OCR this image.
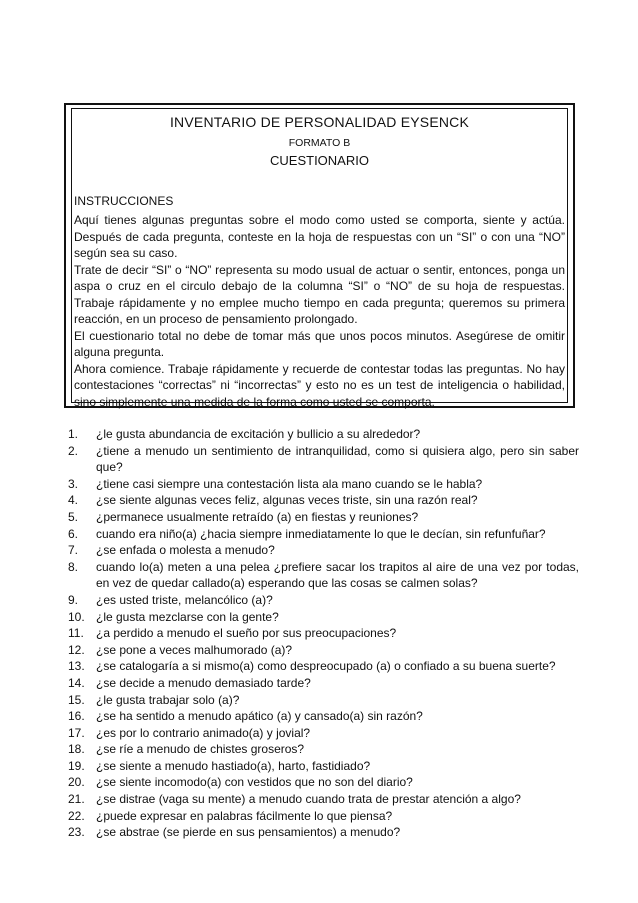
INVENTARIO DE PERSONALIDAD EYSENCK
FORMATO B
CUESTIONARIO
INSTRUCCIONES

Aquí tienes algunas preguntas sobre el modo como usted se comporta, siente y actúa. Después de cada pregunta, conteste en la hoja de respuestas con un “SI” o con una “NO” según sea su caso.

Trate de decir “SI” o “NO” representa su modo usual de actuar o sentir, entonces, ponga un aspa o cruz en el circulo debajo de la columna “SI” o “NO” de su hoja de respuestas. Trabaje rápidamente y no emplee mucho tiempo en cada pregunta; queremos su primera reacción, en un proceso de pensamiento prolongado.

El cuestionario total no debe de tomar más que unos pocos minutos. Asegúrese de omitir alguna pregunta.

Ahora comience. Trabaje rápidamente y recuerde de contestar todas las preguntas. No hay contestaciones “correctas” ni “incorrectas” y esto no es un test de inteligencia o habilidad, sino simplemente una medida de la forma como usted se comporta.

1.	¿le gusta abundancia de excitación y bullicio a su alrededor?
2.	¿tiene a menudo un sentimiento de intranquilidad, como si quisiera algo, pero sin saber que?
3.	¿tiene casi siempre una contestación lista ala mano cuando se le habla?
4.	¿se siente algunas veces feliz, algunas veces triste, sin una razón real?
5.	¿permanece usualmente retraído (a) en fiestas y reuniones?
6.	cuando era niño(a) ¿hacia siempre inmediatamente lo que le decían, sin refunfuñar?
7.	¿se enfada o molesta a menudo?
8.	cuando lo(a) meten a una pelea ¿prefiere sacar los trapitos al aire de una vez por todas, en vez de quedar callado(a) esperando que las cosas se calmen solas?
9.	¿es usted triste, melancólico (a)?
10. ¿le gusta mezclarse con la gente?
11.	¿a perdido a menudo el sueño por sus preocupaciones?
12. ¿se pone a veces malhumorado (a)?
13. ¿se catalogaría a si mismo(a) como despreocupado (a) o confiado a su buena suerte?
14. ¿se decide a menudo demasiado tarde?
15. ¿le gusta trabajar solo (a)?
16. ¿se ha sentido a menudo apático (a) y cansado(a) sin razón?
17. ¿es por lo contrario animado(a) y jovial?
18. ¿se ríe a menudo de chistes groseros?
19. ¿se siente a menudo hastiado(a), harto, fastidiado?
20. ¿se siente incomodo(a) con vestidos que no son del diario?
21. ¿se distrae (vaga su mente) a menudo cuando trata de prestar atención a algo?
22. ¿puede expresar en palabras fácilmente lo que piensa?
23. ¿se abstrae (se pierde en sus pensamientos) a menudo?
